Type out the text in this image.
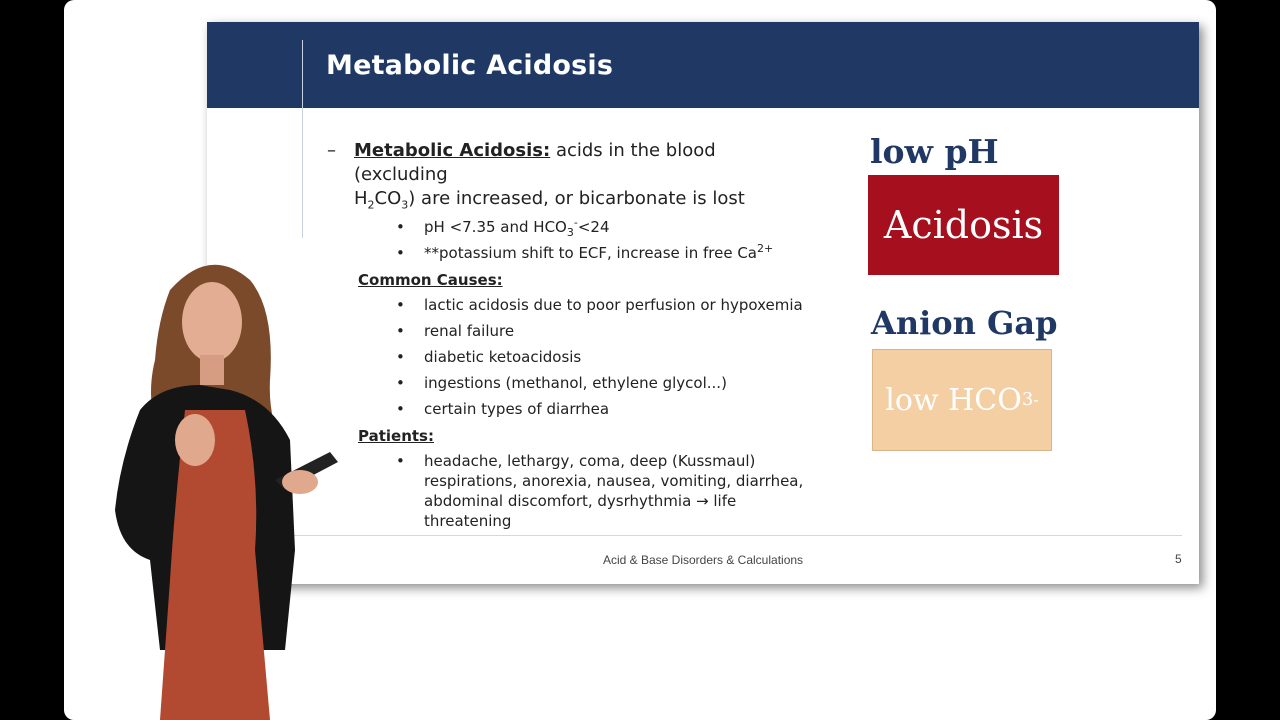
Metabolic Acidosis
– Metabolic Acidosis: acids in the blood (excluding
$H_2CO_3$) are increased, or bicarbonate is lost
• pH <7.35 and $HCO_3^-<24$
• **potassium shift to ECF, increase in free $Ca^{2+}$
Common Causes:
• lactic acidosis due to poor perfusion or hypoxemia
• renal failure
• diabetic ketoacidosis
• ingestions (methanol, ethylene glycol...)
• certain types of diarrhea
Patients:
• headache, lethargy, coma, deep (Kussmaul) respirations, anorexia, nausea, vomiting, diarrhea, abdominal discomfort, dysrhythmia → life threatening
low pH
Acidosis
Anion Gap
low HCO 3 -
Acid & Base Disorders & Calculations	5
